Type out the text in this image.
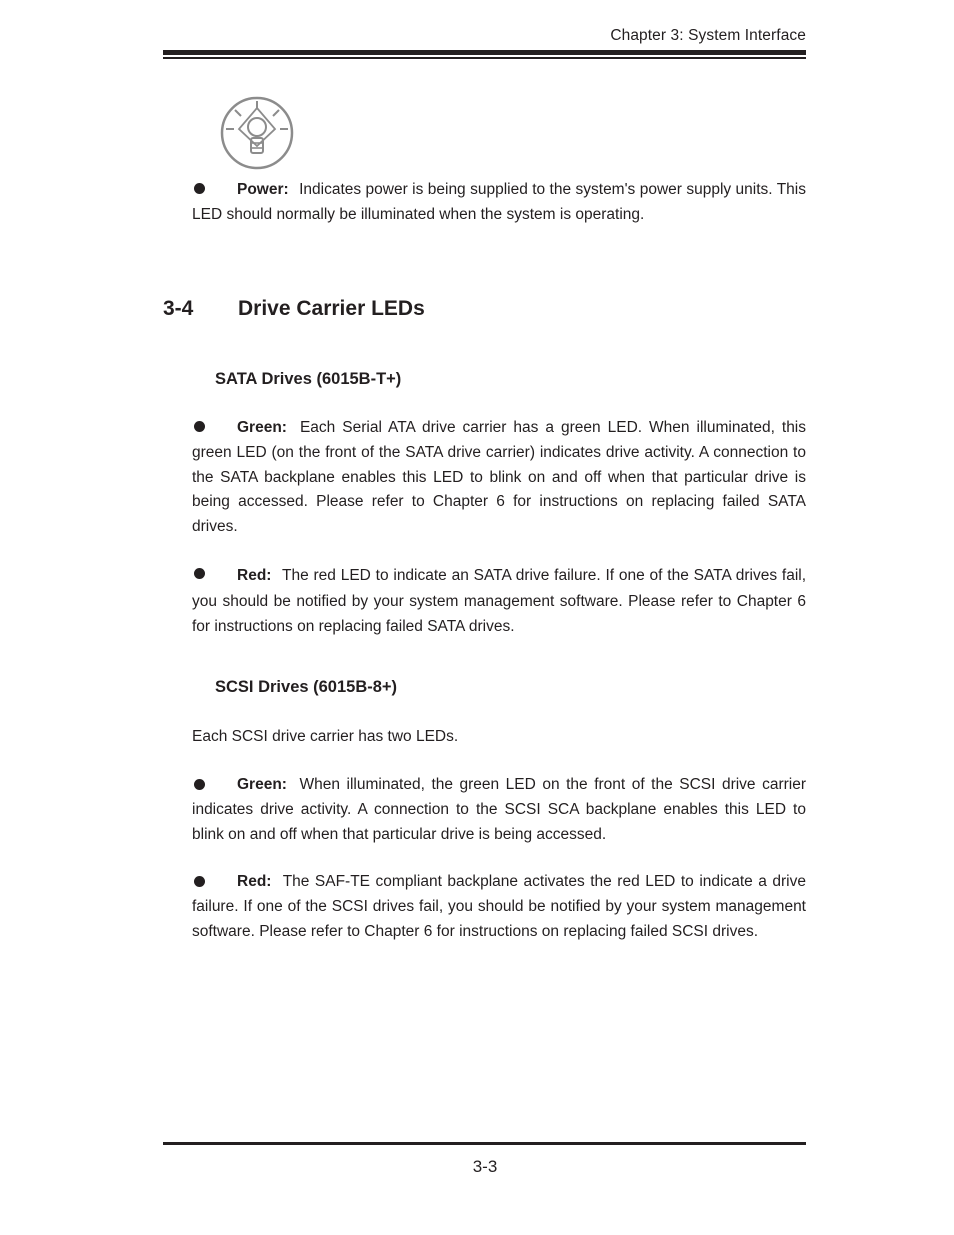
Chapter 3: System Interface
Power: Indicates power is being supplied to the system's power supply units. This LED should normally be illuminated when the system is operating.
3-4 Drive Carrier LEDs
SATA Drives (6015B-T+)
Green: Each Serial ATA drive carrier has a green LED. When illuminated, this green LED (on the front of the SATA drive carrier) indicates drive activity. A connection to the SATA backplane enables this LED to blink on and off when that particular drive is being accessed. Please refer to Chapter 6 for instructions on replacing failed SATA drives.
Red: The red LED to indicate an SATA drive failure. If one of the SATA drives fail, you should be notified by your system management software. Please refer to Chapter 6 for instructions on replacing failed SATA drives.
SCSI Drives (6015B-8+)
Each SCSI drive carrier has two LEDs.
Green: When illuminated, the green LED on the front of the SCSI drive carrier indicates drive activity. A connection to the SCSI SCA backplane enables this LED to blink on and off when that particular drive is being accessed.
Red: The SAF-TE compliant backplane activates the red LED to indicate a drive failure. If one of the SCSI drives fail, you should be notified by your system management software. Please refer to Chapter 6 for instructions on replacing failed SCSI drives.
3-3
